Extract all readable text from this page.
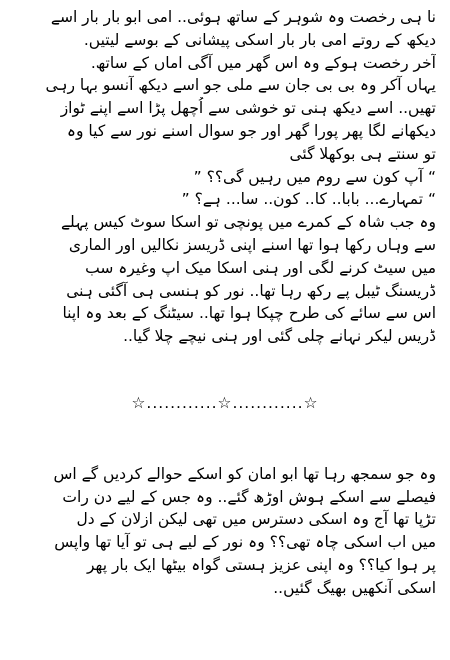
نا ہی رخصت وہ شوہر کے ساتھ ہوئی.. امی ابو بار بار اسے
دیکھ کے روتے امی بار بار اسکی پیشانی کے بوسے لیتیں.
آخر رخصت ہوکے وہ اس گھر میں آگی اماں کے ساتھ.
یہاں آکر وہ بی بی جان سے ملی جو اسے دیکھ آنسو بہا رہی
تھیں.. اسے دیکھ ہنی تو خوشی سے اُچھل پڑا اسے اپنے ٹواز
دیکھانے لگا پھر پورا گھر اور جو سوال اسنے نور سے کیا وہ
تو سنتے ہی بوکھلا گئی
“ آپ کون سے روم میں رہیں گی؟؟ ”
“ تمہارے... بابا.. کا.. کون.. سا... ہے؟ ”
وہ جب شاہ کے کمرے میں پونچی تو اسکا سوٹ کیس پہلے
سے وہاں رکھا ہوا تھا اسنے اپنی ڈریسز نکالیں اور الماری
میں سیٹ کرنے لگی اور ہنی اسکا میک اپ وغیرہ سب
ڈریسنگ ٹیبل پے رکھ رہا تھا.. نور کو ہنسی ہی آگئی ہنی
اس سے سائے کی طرح چپکا ہوا تھا.. سیٹنگ کے بعد وہ اپنا
ڈریس لیکر نہانے چلی گئی اور ہنی نیچے چلا گیا..
☆............☆............☆
وہ جو سمجھ رہا تھا ابو امان کو اسکے حوالے کردیں گے اس
فیصلے سے اسکے ہوش اوڑھ گئے.. وہ جس کے لیے دن رات
تڑپا تھا آج وہ اسکی دسترس میں تھی لیکن ازلان کے دل
میں اب اسکی چاہ تھی؟؟ وہ نور کے لیے ہی تو آیا تھا واپس
پر ہوا کیا؟؟ وہ اپنی عزیز ہستی گواہ بیٹھا ایک بار پھر
اسکی آنکھیں بھیگ گئیں..
